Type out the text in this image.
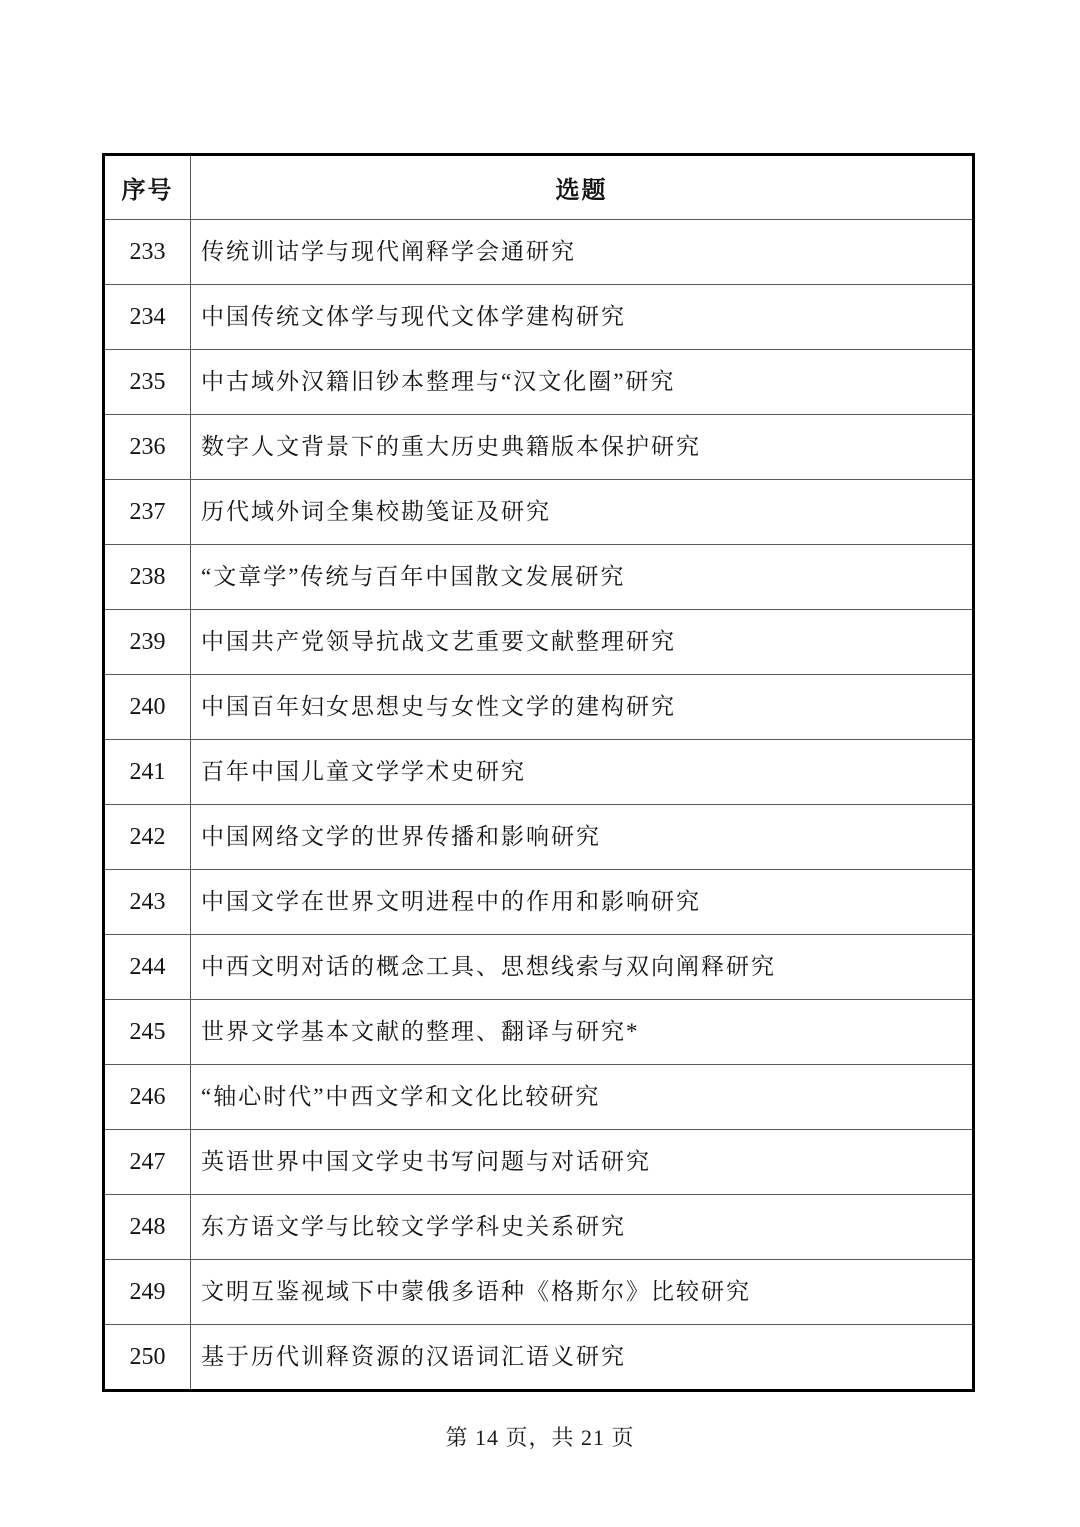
序号	选题
233	传统训诂学与现代阐释学会通研究
234	中国传统文体学与现代文体学建构研究
235	中古域外汉籍旧钞本整理与“汉文化圈”研究
236	数字人文背景下的重大历史典籍版本保护研究
237	历代域外词全集校勘笺证及研究
238	“文章学”传统与百年中国散文发展研究
239	中国共产党领导抗战文艺重要文献整理研究
240	中国百年妇女思想史与女性文学的建构研究
241	百年中国儿童文学学术史研究
242	中国网络文学的世界传播和影响研究
243	中国文学在世界文明进程中的作用和影响研究
244	中西文明对话的概念工具、思想线索与双向阐释研究
245	世界文学基本文献的整理、翻译与研究*
246	“轴心时代”中西文学和文化比较研究
247	英语世界中国文学史书写问题与对话研究
248	东方语文学与比较文学学科史关系研究
249	文明互鉴视域下中蒙俄多语种《格斯尔》比较研究
250	基于历代训释资源的汉语词汇语义研究
第 14 页，共 21 页
